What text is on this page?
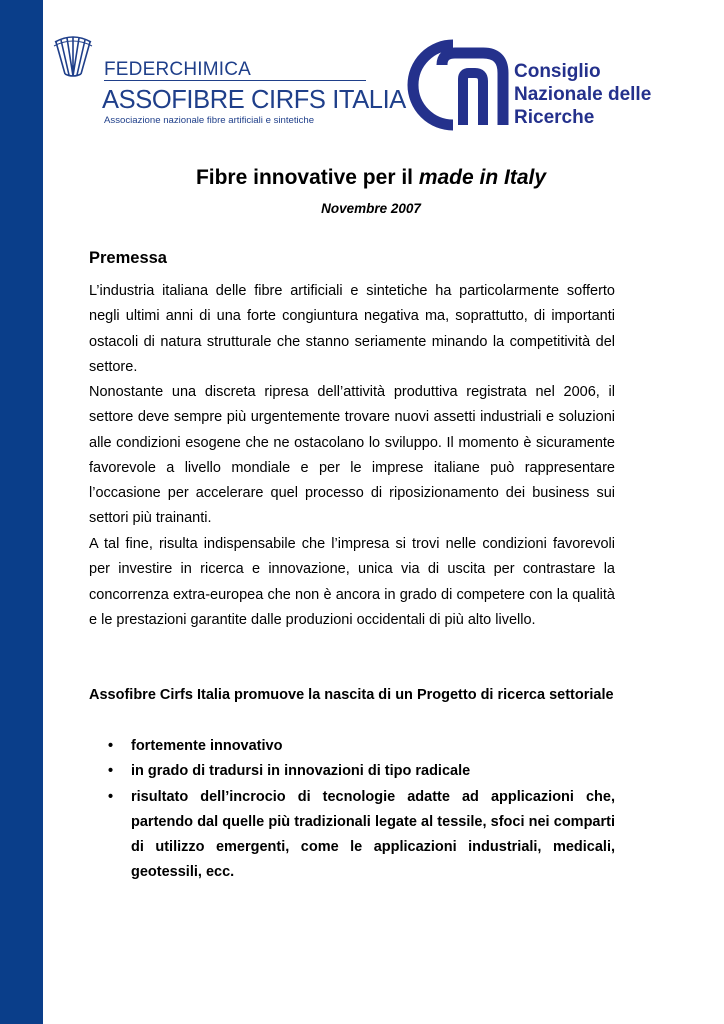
FEDERCHIMICA
ASSOFIBRE CIRFS ITALIA
Associazione nazionale fibre artificiali e sintetiche
Consiglio
Nazionale delle
Ricerche
Fibre innovative per il made in Italy
Novembre 2007
Premessa

L’industria italiana delle fibre artificiali e sintetiche ha particolarmente sofferto negli ultimi anni di una forte congiuntura negativa ma, soprattutto, di importanti ostacoli di natura strutturale che stanno seriamente minando la competitività del settore.

Nonostante una discreta ripresa dell’attività produttiva registrata nel 2006, il settore deve sempre più urgentemente trovare nuovi assetti industriali e soluzioni alle condizioni esogene che ne ostacolano lo sviluppo. Il momento è sicuramente favorevole a livello mondiale e per le imprese italiane può rappresentare l’occasione per accelerare quel processo di riposizionamento dei business sui settori più trainanti.

A tal fine, risulta indispensabile che l’impresa si trovi nelle condizioni favorevoli per investire in ricerca e innovazione, unica via di uscita per contrastare la concorrenza extra-europea che non è ancora in grado di competere con la qualità e le prestazioni garantite dalle produzioni occidentali di più alto livello.

Assofibre Cirfs Italia promuove la nascita di un Progetto di ricerca settoriale

• fortemente innovativo
• in grado di tradursi in innovazioni di tipo radicale
• risultato dell’incrocio di tecnologie adatte ad applicazioni che, partendo dal quelle più tradizionali legate al tessile, sfoci nei comparti di utilizzo emergenti, come le applicazioni industriali, medicali, geotessili, ecc.
